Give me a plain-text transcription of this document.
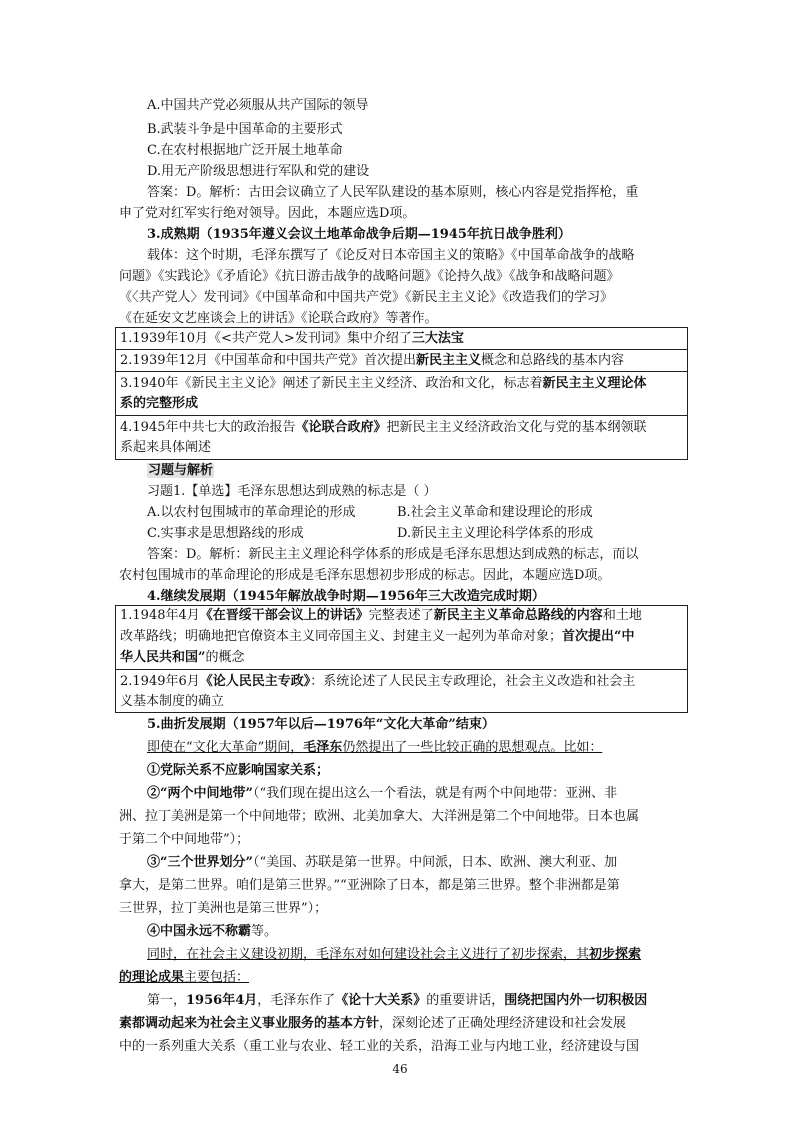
A.中国共产党必须服从共产国际的领导
B.武装斗争是中国革命的主要形式
C.在农村根据地广泛开展土地革命
D.用无产阶级思想进行军队和党的建设
答案：D。解析：古田会议确立了人民军队建设的基本原则，核心内容是党指挥枪，重
申了党对红军实行绝对领导。因此，本题应选D项。
3.成熟期（1935年遵义会议土地革命战争后期—1945年抗日战争胜利）
载体：这个时期，毛泽东撰写了《论反对日本帝国主义的策略》《中国革命战争的战略
问题》《实践论》《矛盾论》《抗日游击战争的战略问题》《论持久战》《战争和战略问题》
《〈共产党人〉发刊词》《中国革命和中国共产党》《新民主主义论》《改造我们的学习》
《在延安文艺座谈会上的讲话》《论联合政府》等著作。
1.1939年10月《<共产党人>发刊词》集中介绍了三大法宝
2.1939年12月《中国革命和中国共产党》首次提出新民主主义概念和总路线的基本内容
3.1940年《新民主主义论》阐述了新民主主义经济、政治和文化，标志着新民主主义理论体
系的完整形成
4.1945年中共七大的政治报告《论联合政府》把新民主主义经济政治文化与党的基本纲领联
系起来具体阐述
习题与解析
习题1.【单选】毛泽东思想达到成熟的标志是（ ）
A.以农村包围城市的革命理论的形成	B.社会主义革命和建设理论的形成
C.实事求是思想路线的形成	D.新民主主义理论科学体系的形成
答案：D。解析：新民主主义理论科学体系的形成是毛泽东思想达到成熟的标志，而以
农村包围城市的革命理论的形成是毛泽东思想初步形成的标志。因此，本题应选D项。
4.继续发展期（1945年解放战争时期—1956年三大改造完成时期）
1.1948年4月《在晋绥干部会议上的讲话》完整表述了新民主主义革命总路线的内容和土地
改革路线；明确地把官僚资本主义同帝国主义、封建主义一起列为革命对象；首次提出“中
华人民共和国”的概念
2.1949年6月《论人民民主专政》：系统论述了人民民主专政理论，社会主义改造和社会主
义基本制度的确立
5.曲折发展期（1957年以后—1976年“文化大革命”结束）
即使在“文化大革命”期间，毛泽东仍然提出了一些比较正确的思想观点。比如：
①党际关系不应影响国家关系；
②“两个中间地带”（“我们现在提出这么一个看法，就是有两个中间地带：亚洲、非
洲、拉丁美洲是第一个中间地带；欧洲、北美加拿大、大洋洲是第二个中间地带。日本也属
于第二个中间地带”）；
③“三个世界划分”（“美国、苏联是第一世界。中间派，日本、欧洲、澳大利亚、加
拿大，是第二世界。咱们是第三世界。”“亚洲除了日本，都是第三世界。整个非洲都是第
三世界，拉丁美洲也是第三世界”）；
④中国永远不称霸等。
同时，在社会主义建设初期，毛泽东对如何建设社会主义进行了初步探索，其初步探索
的理论成果主要包括：
第一，1956年4月，毛泽东作了《论十大关系》的重要讲话，围绕把国内外一切积极因
素都调动起来为社会主义事业服务的基本方针，深刻论述了正确处理经济建设和社会发展
中的一系列重大关系（重工业与农业、轻工业的关系，沿海工业与内地工业，经济建设与国
46
